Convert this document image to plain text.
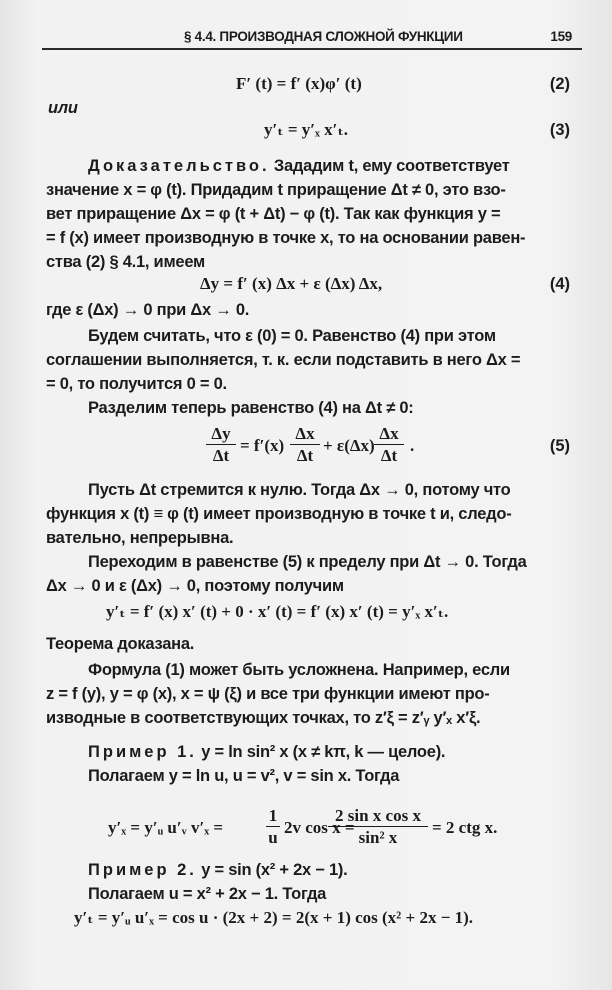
§ 4.4. ПРОИЗВОДНАЯ СЛОЖНОЙ ФУНКЦИИ	159
F′ (t) = f′ (x)φ′ (t)	(2)
или
y′ₜ = y′ₓ x′ₜ.	(3)
Доказательство. Зададим t, ему соответствует
значение x = φ (t). Придадим t приращение Δt ≠ 0, это взо-
вет приращение Δx = φ (t + Δt) − φ (t). Так как функция y =
= f (x) имеет производную в точке x, то на основании равен-
ства (2) § 4.1, имеем
Δy = f′ (x) Δx + ε (Δx) Δx,	(4)
где ε (Δx) → 0 при Δx → 0.
Будем считать, что ε (0) = 0. Равенство (4) при этом
соглашении выполняется, т. к. если подставить в него Δx =
= 0, то получится 0 = 0.
Разделим теперь равенство (4) на Δt ≠ 0:
Δy
Δt
= f′(x)
Δx
Δt
+ ε(Δx)
Δx
Δt
.	(5)
Пусть Δt стремится к нулю. Тогда Δx → 0, потому что
функция x (t) ≡ φ (t) имеет производную в точке t и, следо-
вательно, непрерывна.
Переходим в равенстве (5) к пределу при Δt → 0. Тогда
Δx → 0 и ε (Δx) → 0, поэтому получим
y′ₜ = f′ (x) x′ (t) + 0 · x′ (t) = f′ (x) x′ (t) = y′ₓ x′ₜ.
Теорема доказана.
Формула (1) может быть усложнена. Например, если
z = f (y), y = φ (x), x = ψ (ξ) и все три функции имеют про-
изводные в соответствующих точках, то z′ξ = z′ᵧ y′ₓ x′ξ.
Пример 1. y = ln sin² x (x ≠ kπ, k — целое).
Полагаем y = ln u, u = v², v = sin x. Тогда
y′ₓ = y′ᵤ u′ᵥ v′ₓ =
1
u
2v cos x =
2 sin x cos x
sin² x
= 2 ctg x.
Пример 2. y = sin (x² + 2x − 1).
Полагаем u = x² + 2x − 1. Тогда
y′ₜ = y′ᵤ u′ₓ = cos u · (2x + 2) = 2(x + 1) cos (x² + 2x − 1).
